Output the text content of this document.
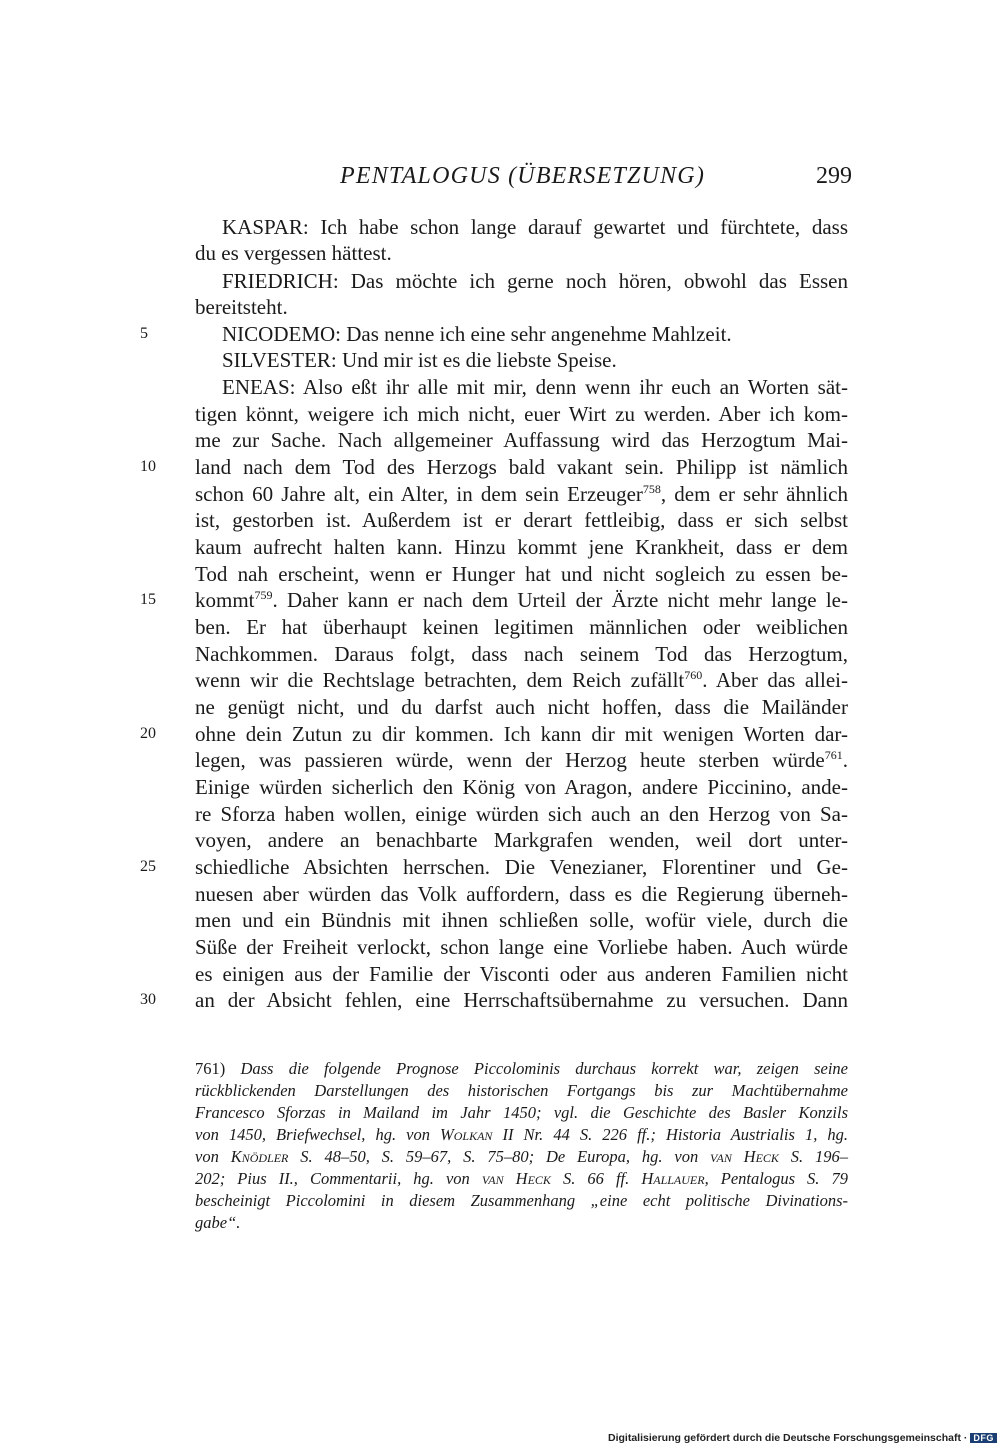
PENTALOGUS (ÜBERSETZUNG)	299
KASPAR: Ich habe schon lange darauf gewartet und fürchtete, dass
du es vergessen hättest.
FRIEDRICH: Das möchte ich gerne noch hören, obwohl das Essen
bereitsteht.
NICODEMO: Das nenne ich eine sehr angenehme Mahlzeit.
SILVESTER: Und mir ist es die liebste Speise.
ENEAS: Also eßt ihr alle mit mir, denn wenn ihr euch an Worten sät-
tigen könnt, weigere ich mich nicht, euer Wirt zu werden. Aber ich kom-
me zur Sache. Nach allgemeiner Auffassung wird das Herzogtum Mai-
land nach dem Tod des Herzogs bald vakant sein. Philipp ist nämlich
schon 60 Jahre alt, ein Alter, in dem sein Erzeuger$^{758}$, dem er sehr ähnlich
ist, gestorben ist. Außerdem ist er derart fettleibig, dass er sich selbst
kaum aufrecht halten kann. Hinzu kommt jene Krankheit, dass er dem
Tod nah erscheint, wenn er Hunger hat und nicht sogleich zu essen be-
kommt$^{759}$. Daher kann er nach dem Urteil der Ärzte nicht mehr lange le-
ben. Er hat überhaupt keinen legitimen männlichen oder weiblichen
Nachkommen. Daraus folgt, dass nach seinem Tod das Herzogtum,
wenn wir die Rechtslage betrachten, dem Reich zufällt$^{760}$. Aber das allei-
ne genügt nicht, und du darfst auch nicht hoffen, dass die Mailänder
ohne dein Zutun zu dir kommen. Ich kann dir mit wenigen Worten dar-
legen, was passieren würde, wenn der Herzog heute sterben würde$^{761}$.
Einige würden sicherlich den König von Aragon, andere Piccinino, ande-
re Sforza haben wollen, einige würden sich auch an den Herzog von Sa-
voyen, andere an benachbarte Markgrafen wenden, weil dort unter-
schiedliche Absichten herrschen. Die Venezianer, Florentiner und Ge-
nuesen aber würden das Volk auffordern, dass es die Regierung überneh-
men und ein Bündnis mit ihnen schließen solle, wofür viele, durch die
Süße der Freiheit verlockt, schon lange eine Vorliebe haben. Auch würde
es einigen aus der Familie der Visconti oder aus anderen Familien nicht
an der Absicht fehlen, eine Herrschaftsübernahme zu versuchen. Dann
5
10
15
20
25
30
761) Dass die folgende Prognose Piccolominis durchaus korrekt war, zeigen seine
rückblickenden Darstellungen des historischen Fortgangs bis zur Machtübernahme
Francesco Sforzas in Mailand im Jahr 1450; vgl. die Geschichte des Basler Konzils
von 1450, Briefwechsel, hg. von Wolkan II Nr. 44 S. 226 ff.; Historia Austrialis 1, hg.
von Knödler S. 48–50, S. 59–67, S. 75–80; De Europa, hg. von van Heck S. 196–
202; Pius II., Commentarii, hg. von van Heck S. 66 ff. Hallauer, Pentalogus S. 79
bescheinigt Piccolomini in diesem Zusammenhang „eine echt politische Divinations-
gabe“.
Digitalisierung gefördert durch die Deutsche Forschungsgemeinschaft · DFG
